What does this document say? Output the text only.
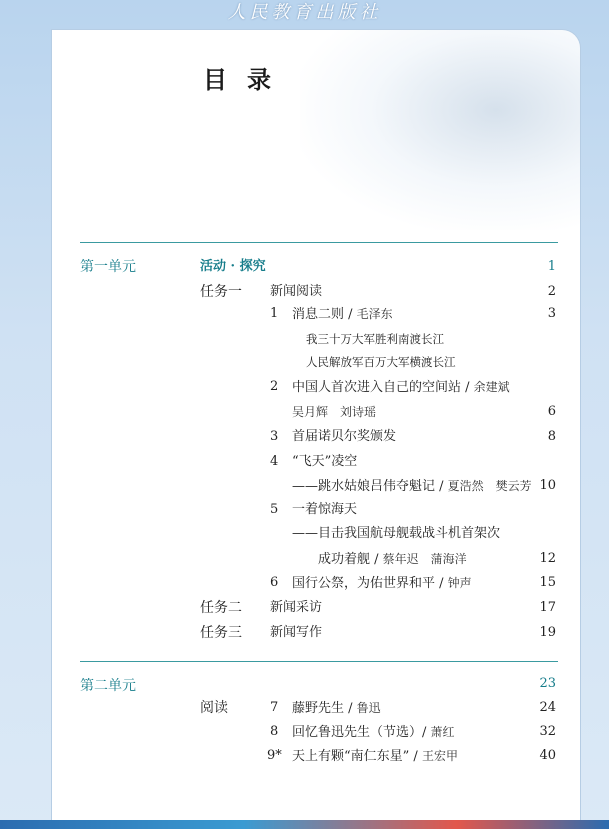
人民教育出版社
目录
第一单元	活动 · 探究	1
任务一 新闻阅读	2
1 消息二则 / 毛泽东	3
我三十万大军胜利南渡长江
人民解放军百万大军横渡长江
2 中国人首次进入自己的空间站 / 余建斌
吴月辉　刘诗瑶	6
3 首届诺贝尔奖颁发	8
4 “飞天”凌空
——跳水姑娘吕伟夺魁记 / 夏浩然　樊云芳 10
5 一着惊海天
——目击我国航母舰载战斗机首架次
成功着舰 / 蔡年迟　蒲海洋	12
6 国行公祭，为佑世界和平 / 钟声	15
任务二 新闻采访	17
任务三 新闻写作	19
第二单元	23
阅读	7 藤野先生 / 鲁迅	24
8 回忆鲁迅先生（节选）/ 萧红	32
9* 天上有颗“南仁东星” / 王宏甲	40
